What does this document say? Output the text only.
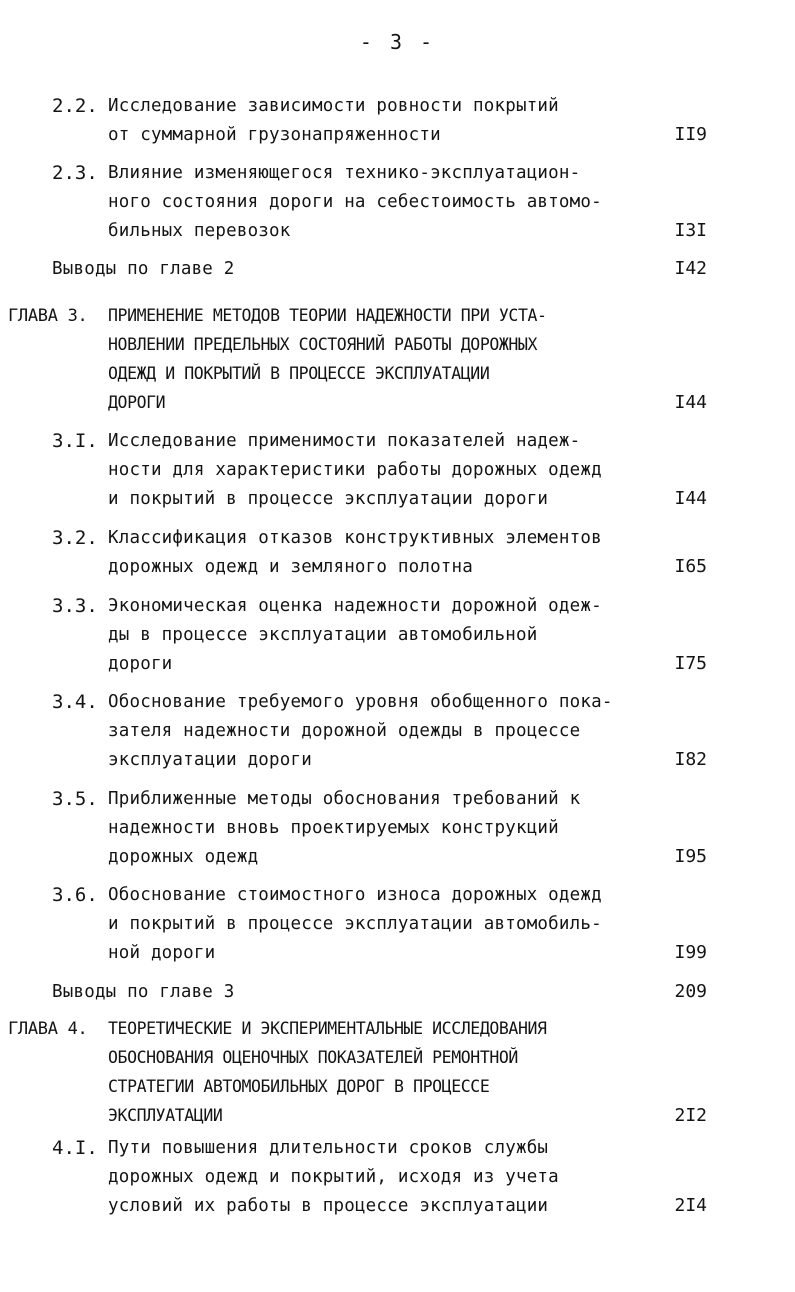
- 3 -
2.2. Исследование зависимости ровности покрытий
от суммарной грузонапряженности	II9
2.3. Влияние изменяющегося технико-эксплуатацион-
ного состояния дороги на себестоимость автомо-
бильных перевозок	I3I
Выводы по главе 2	I42
ГЛАВА 3. ПРИМЕНЕНИЕ МЕТОДОВ ТЕОРИИ НАДЕЖНОСТИ ПРИ УСТА-
НОВЛЕНИИ ПРЕДЕЛЬНЫХ СОСТОЯНИЙ РАБОТЫ ДОРОЖНЫХ
ОДЕЖД И ПОКРЫТИЙ В ПРОЦЕССЕ ЭКСПЛУАТАЦИИ
ДОРОГИ	I44
3.I. Исследование применимости показателей надеж-
ности для характеристики работы дорожных одежд
и покрытий в процессе эксплуатации дороги	I44
3.2. Классификация отказов конструктивных элементов
дорожных одежд и земляного полотна	I65
3.3. Экономическая оценка надежности дорожной одеж-
ды в процессе эксплуатации автомобильной
дороги	I75
3.4. Обоснование требуемого уровня обобщенного пока-
зателя надежности дорожной одежды в процессе
эксплуатации дороги	I82
3.5. Приближенные методы обоснования требований к
надежности вновь проектируемых конструкций
дорожных одежд	I95
3.6. Обоснование стоимостного износа дорожных одежд
и покрытий в процессе эксплуатации автомобиль-
ной дороги	I99
Выводы по главе 3	209
ГЛАВА 4. ТЕОРЕТИЧЕСКИЕ И ЭКСПЕРИМЕНТАЛЬНЫЕ ИССЛЕДОВАНИЯ
ОБОСНОВАНИЯ ОЦЕНОЧНЫХ ПОКАЗАТЕЛЕЙ РЕМОНТНОЙ
СТРАТЕГИИ АВТОМОБИЛЬНЫХ ДОРОГ В ПРОЦЕССЕ
ЭКСПЛУАТАЦИИ	2I2
4.I. Пути повышения длительности сроков службы
дорожных одежд и покрытий, исходя из учета
условий их работы в процессе эксплуатации	2I4
